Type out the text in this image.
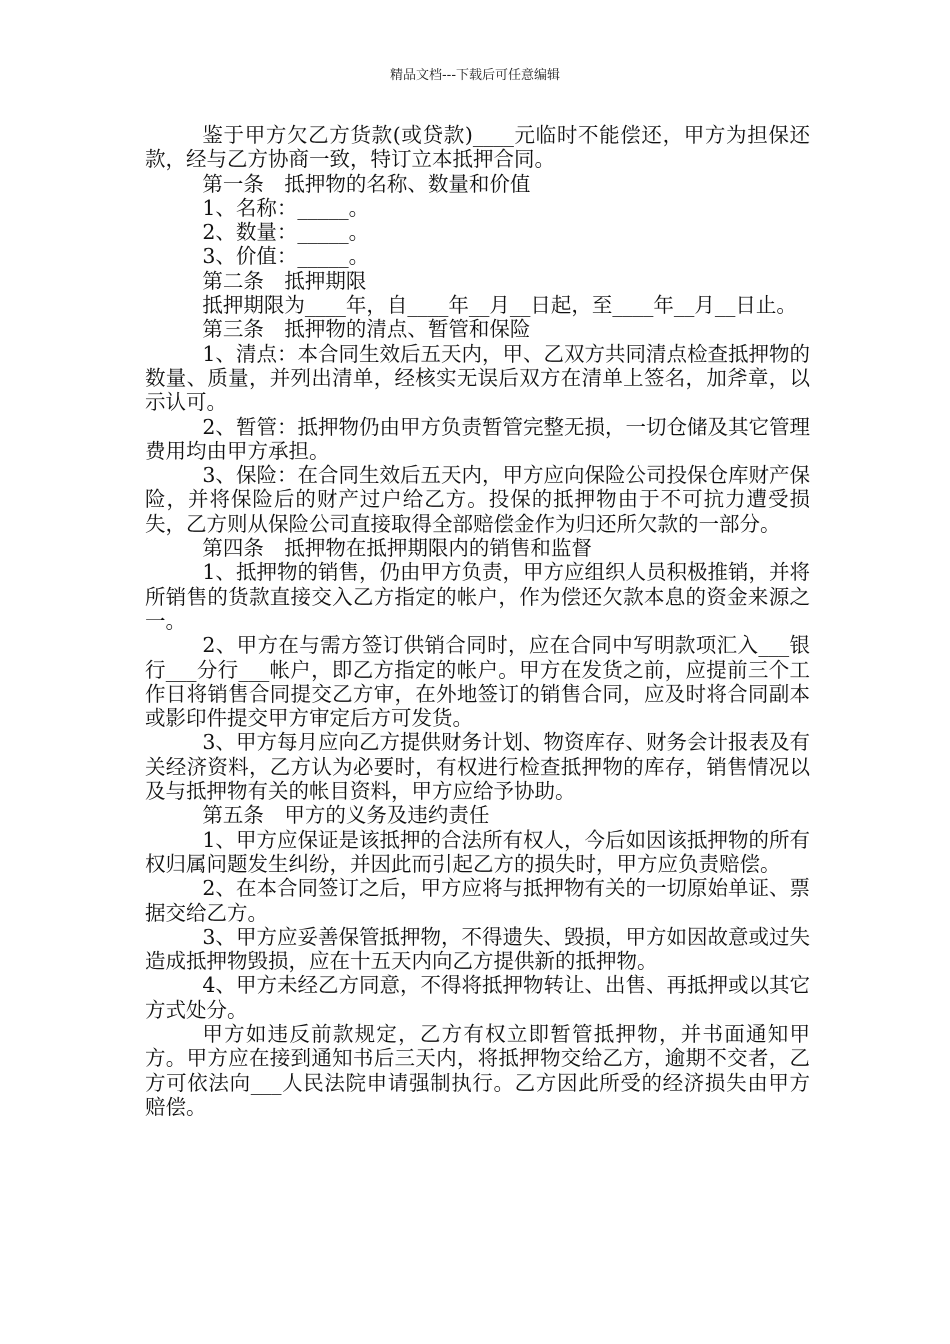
精品文档---下载后可任意编辑

鉴于甲方欠乙方货款(或贷款)____元临时不能偿还，甲方为担保还款，经与乙方协商一致，特订立本抵押合同。

第一条　抵押物的名称、数量和价值

1、名称：_____。

2、数量：_____。

3、价值：_____。

第二条　抵押期限

抵押期限为____年，自____年__月__日起，至____年__月__日止。

第三条　抵押物的清点、暂管和保险

1、清点：本合同生效后五天内，甲、乙双方共同清点检查抵押物的数量、质量，并列出清单，经核实无误后双方在清单上签名，加斧章，以示认可。

2、暂管：抵押物仍由甲方负责暂管完整无损，一切仓储及其它管理费用均由甲方承担。

3、保险：在合同生效后五天内，甲方应向保险公司投保仓库财产保险，并将保险后的财产过户给乙方。投保的抵押物由于不可抗力遭受损失，乙方则从保险公司直接取得全部赔偿金作为归还所欠款的一部分。

第四条　抵押物在抵押期限内的销售和监督

1、抵押物的销售，仍由甲方负责，甲方应组织人员积极推销，并将所销售的货款直接交入乙方指定的帐户，作为偿还欠款本息的资金来源之一。

2、甲方在与需方签订供销合同时，应在合同中写明款项汇入___银行___分行___帐户，即乙方指定的帐户。甲方在发货之前，应提前三个工作日将销售合同提交乙方审，在外地签订的销售合同，应及时将合同副本或影印件提交甲方审定后方可发货。

3、甲方每月应向乙方提供财务计划、物资库存、财务会计报表及有关经济资料，乙方认为必要时，有权进行检查抵押物的库存，销售情况以及与抵押物有关的帐目资料，甲方应给予协助。

第五条　甲方的义务及违约责任

1、甲方应保证是该抵押的合法所有权人，今后如因该抵押物的所有权归属问题发生纠纷，并因此而引起乙方的损失时，甲方应负责赔偿。

2、在本合同签订之后，甲方应将与抵押物有关的一切原始单证、票据交给乙方。

3、甲方应妥善保管抵押物，不得遗失、毁损，甲方如因故意或过失造成抵押物毁损，应在十五天内向乙方提供新的抵押物。

4、甲方未经乙方同意，不得将抵押物转让、出售、再抵押或以其它方式处分。

甲方如违反前款规定，乙方有权立即暂管抵押物，并书面通知甲方。甲方应在接到通知书后三天内，将抵押物交给乙方，逾期不交者，乙方可依法向___人民法院申请强制执行。乙方因此所受的经济损失由甲方赔偿。
